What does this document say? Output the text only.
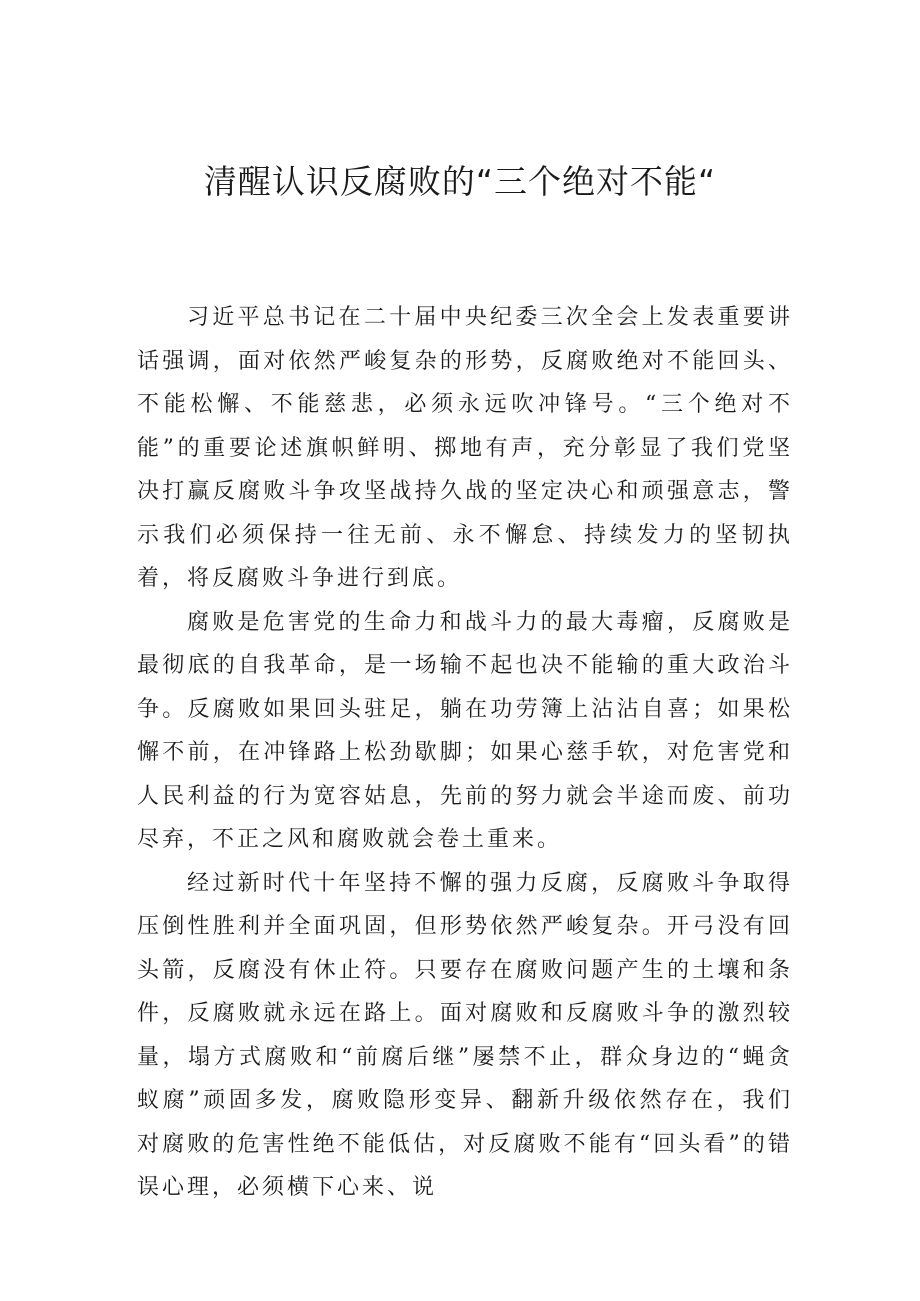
清醒认识反腐败的“三个绝对不能“

习近平总书记在二十届中央纪委三次全会上发表重要讲话强调，面对依然严峻复杂的形势，反腐败绝对不能回头、不能松懈、不能慈悲，必须永远吹冲锋号。“三个绝对不能”的重要论述旗帜鲜明、掷地有声，充分彰显了我们党坚决打赢反腐败斗争攻坚战持久战的坚定决心和顽强意志，警示我们必须保持一往无前、永不懈怠、持续发力的坚韧执着，将反腐败斗争进行到底。

腐败是危害党的生命力和战斗力的最大毒瘤，反腐败是最彻底的自我革命，是一场输不起也决不能输的重大政治斗争。反腐败如果回头驻足，躺在功劳簿上沾沾自喜；如果松懈不前，在冲锋路上松劲歇脚；如果心慈手软，对危害党和人民利益的行为宽容姑息，先前的努力就会半途而废、前功尽弃，不正之风和腐败就会卷土重来。

经过新时代十年坚持不懈的强力反腐，反腐败斗争取得压倒性胜利并全面巩固，但形势依然严峻复杂。开弓没有回头箭，反腐没有休止符。只要存在腐败问题产生的土壤和条件，反腐败就永远在路上。面对腐败和反腐败斗争的激烈较量，塌方式腐败和“前腐后继”屡禁不止，群众身边的“蝇贪蚁腐”顽固多发，腐败隐形变异、翻新升级依然存在，我们对腐败的危害性绝不能低估，对反腐败不能有“回头看”的错误心理，必须横下心来、说
